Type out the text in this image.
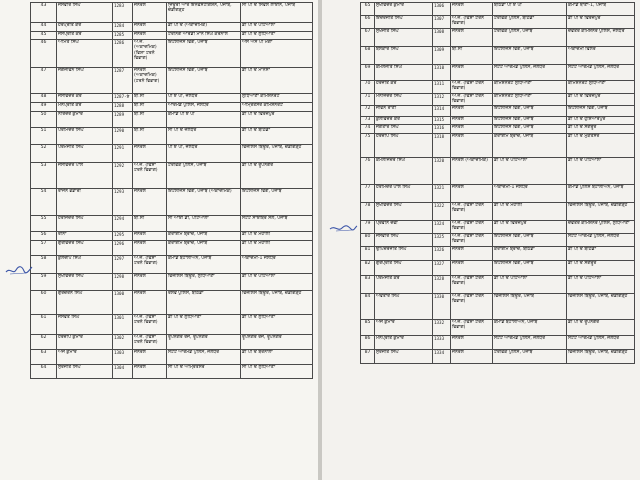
43	ਜਸਵੀਰ ਸਿੰਘ	1283	ਜਨਰਲ	ਜਿਊਰੀ ਆਰ ਇਨਵੈਸਟੀਗੇਸ਼ਨ, ਪੰਜਾਬ, ਚੰਡੀਗੜ੍ਹ	ਸੀ ਪੀ ਓ ਸਿਵਲ ਲਾਈਨ, ਪੰਜਾਬ
44	ਹਰਪ੍ਰੀਤ ਕੌਰ	1284	ਜਨਰਲ	ਡੀ ਪੀ ਓ (ਅਕਾਦਮਿਕ)	ਡੀ ਪੀ ਓ ਪਟਿਆਲਾ
45	ਜਸਪ੍ਰੀਤ ਕੌਰ	1285	ਜਨਰਲ	ਟਰੇਨਿੰਗ ਆਰਡੀ ਮਾਨ ਸਿੰਘ ਕਰਨਾਲ	ਡੀ ਪੀ ਓ ਲੁਧਿਆਣਾ
46	ਅਮਿਤ ਸਿੰਘ	1286	ਅ.ਜ. (ਅਕਾਦਮਿਕ) (ਵਿਸ਼ਾ ਟਰਨੇ ਵਿਭਾਗ)	ਇੰਟੈਲੀਜੈਂਸ ਵਿੰਗ, ਪੰਜਾਬ	ਐਸ ਐਸ ਪੀ ਮੋਗਾ
47	ਜਗਜੀਵਨ ਸਿੰਘ	1287	ਜਨਰਲ (ਅਕਾਦਮਿਕ) (ਟਰਨੇ ਵਿਭਾਗ)	ਇੰਟੈਲੀਜੈਂਸ ਵਿੰਗ, ਪੰਜਾਬ	ਡੀ ਪੀ ਓ ਮਾਨਸਾ
48	ਜਸਵਿੰਦਰ ਕੌਰ	1287-ਏ	ਬੀ.ਸੀ	ਪੀ ਏ ਪੀ, ਜਲੰਧਰ	ਲੁਧਿਆਣਾ ਕਮਿਸ਼ਨਰੇਟ
49	ਮਨਪ੍ਰੀਤ ਕੌਰ	1288	ਬੀ.ਸੀ	ਆਰਮਡ ਪੁਲਿਸ, ਜਲੰਧਰ	ਅਮ੍ਰਿਤਸਰ ਕਮਿਸ਼ਨਰੇਟ
50	ਨਰਿੰਦਰ ਕੁਮਾਰ	1289	ਬੀ.ਸੀ	ਕਮਾਂਡੋ ਪੀ ਏ ਪੀ	ਡੀ ਪੀ ਓ ਫਿਰੋਜ਼ਪੁਰ
51	ਪਰਮਿੰਦਰ ਸਿੰਘ	1290	ਬੀ.ਸੀ	ਸੀ ਪੀ ਓ ਜਲੰਧਰ	ਡੀ ਪੀ ਓ ਬਠਿੰਡਾ
52	ਪਰਮਜੀਤ ਸਿੰਘ	1291	ਜਨਰਲ	ਪੀ ਏ ਪੀ, ਜਲੰਧਰ	ਵਿਜੀਲੈਂਸ ਬਿਊਰੋ, ਪੰਜਾਬ, ਚੰਡੀਗੜ੍ਹ
53	ਜਸਵਿੰਦਰ ਪਾਲ	1292	ਅ.ਜ. (ਵਿਸ਼ਾ ਟਰਨੇ ਵਿਭਾਗ)	ਟਰੈਫਿਕ ਪੁਲਿਸ, ਪੰਜਾਬ	ਡੀ ਪੀ ਓ ਰੂਪਨਗਰ
54	ਰਾਜਨ ਭੰਡਾਰੀ	1293	ਜਨਰਲ	ਇੰਟੈਲੀਜੈਂਸ ਵਿੰਗ, ਪੰਜਾਬ (ਅਕਾਦਮਿਕ)	ਇੰਟੈਲੀਜੈਂਸ ਵਿੰਗ, ਪੰਜਾਬ
55	ਹਰਜਿੰਦਰ ਸਿੰਘ	1294	ਬੀ.ਸੀ	ਸੀ ਆਈ ਡੀ, ਪਟਿਆਲਾ	ਸਟੇਟ ਸਾਈਬਰ ਸੈੱਲ, ਪੰਜਾਬ
56	ਰੀਨਾ	1295	ਜਨਰਲ	ਕਰਾਈਮ ਬ੍ਰਾਂਚ, ਪੰਜਾਬ	ਡੀ ਪੀ ਓ ਮੋਹਾਲੀ
57	ਗੁਰਵਿੰਦਰ ਸਿੰਘ	1296	ਜਨਰਲ	ਕਰਾਈਮ ਬ੍ਰਾਂਚ, ਪੰਜਾਬ	ਡੀ ਪੀ ਓ ਮੋਹਾਲੀ
58	ਕੁਲਦੀਪ ਸਿੰਘ	1297	ਅ.ਜ. (ਵਿਸ਼ਾ ਟਰਨੇ ਵਿਭਾਗ)	ਕਮਾਂਡੋ ਬਟਾਲੀਅਨ, ਪੰਜਾਬ	ਅਕਾਦਮੀ-1 ਜਲੰਧਰ
59	ਸੁਖਵਿੰਦਰ ਸਿੰਘ	1298	ਜਨਰਲ	ਵਿਜੀਲੈਂਸ ਬਿਊਰੋ, ਲੁਧਿਆਣਾ	ਡੀ ਪੀ ਓ ਪਟਿਆਲਾ
60	ਗੁਰਚਰਨ ਸਿੰਘ	1300	ਜਨਰਲ	ਰੇਲਵੇ ਪੁਲਿਸ, ਬਠਿੰਡਾ	ਵਿਜੀਲੈਂਸ ਬਿਊਰੋ, ਪੰਜਾਬ, ਚੰਡੀਗੜ੍ਹ
61	ਜਸਵੰਤ ਸਿੰਘ	1301	ਅ.ਜ. (ਵਿਸ਼ਾ ਟਰਨੇ ਵਿਭਾਗ)	ਡੀ ਪੀ ਓ ਲੁਧਿਆਣਾ	ਡੀ ਪੀ ਓ ਲੁਧਿਆਣਾ
62	ਹਰਦੀਪ ਕੁਮਾਰ	1302	ਅ.ਜ. (ਵਿਸ਼ਾ ਟਰਨੇ ਵਿਭਾਗ)	ਰੂਪਨਗਰ ਰੇਂਜ, ਰੂਪਨਗਰ	ਰੂਪਨਗਰ ਰੇਂਜ, ਰੂਪਨਗਰ
63	ਅਜੇ ਕੁਮਾਰ	1303	ਜਨਰਲ	ਸਟੇਟ ਆਰਮਡ ਪੁਲਿਸ, ਜਲੰਧਰ	ਡੀ ਪੀ ਓ ਬਰਨਾਲਾ
64	ਸੁਰਜੀਤ ਸਿੰਘ	1304	ਜਨਰਲ	ਸੀ ਪੀ ਓ ਅੰਮ੍ਰਿਤਸਰ	ਸੀ ਪੀ ਓ ਲੁਧਿਆਣਾ
65	ਸੁਖਵਿੰਦਰ ਕੁਮਾਰ	1306	ਜਨਰਲ	ਬਠਿੰਡਾ ਪੀ ਏ ਪੀ	ਕਮਾਂਡੋ ਥਾਣਾ-1, ਪੰਜਾਬ
66	ਇੰਦਰਜੀਤ ਸਿੰਘ	1307	ਅ.ਜ. (ਵਿਸ਼ਾ ਟਰਨੇ ਵਿਭਾਗ)	ਟਰੈਫਿਕ ਪੁਲਿਸ, ਬਠਿੰਡਾ	ਡੀ ਪੀ ਓ ਫਿਰੋਜ਼ਪੁਰ
67	ਸੁਖਜੀਤ ਸਿੰਘ	1308	ਜਨਰਲ	ਟਰੈਫਿਕ ਪੁਲਿਸ, ਪੰਜਾਬ	ਦਫਤਰ ਕਮਿਸ਼ਨਰ ਪੁਲਿਸ, ਜਲੰਧਰ
68	ਬਲਕਾਰ ਸਿੰਘ	1309	ਬੀ.ਸੀ	ਇੰਟੈਲੀਜੈਂਸ ਵਿੰਗ, ਪੰਜਾਬ	ਅਕਾਦਮੀ ਫਿਲੌਰ
69	ਕਮਲਜੀਤ ਸਿੰਘ	1310	ਜਨਰਲ	ਸਟੇਟ ਆਰਮਡ ਪੁਲਿਸ, ਜਲੰਧਰ	ਸਟੇਟ ਆਰਮਡ ਪੁਲਿਸ, ਜਲੰਧਰ
70	ਹਰਜੀਤ ਕੌਰ	1311	ਅ.ਜ. (ਵਿਸ਼ਾ ਟਰਨੇ ਵਿਭਾਗ)	ਕਮਿਸ਼ਨਰੇਟ ਲੁਧਿਆਣਾ	ਕਮਿਸ਼ਨਰੇਟ ਲੁਧਿਆਣਾ
71	ਮਨਜਿੰਦਰ ਸਿੰਘ	1312	ਅ.ਜ. (ਵਿਸ਼ਾ ਟਰਨੇ ਵਿਭਾਗ)	ਕਮਿਸ਼ਨਰੇਟ ਲੁਧਿਆਣਾ	ਡੀ ਪੀ ਓ ਫਿਰੋਜ਼ਪੁਰ
72	ਜੀਵਨ ਰਾਣੀ	1314	ਜਨਰਲ	ਇੰਟੈਲੀਜੈਂਸ ਵਿੰਗ, ਪੰਜਾਬ	ਇੰਟੈਲੀਜੈਂਸ ਵਿੰਗ, ਪੰਜਾਬ
73	ਕੁਲਵਿੰਦਰ ਕੌਰ	1315	ਜਨਰਲ	ਇੰਟੈਲੀਜੈਂਸ ਵਿੰਗ, ਪੰਜਾਬ	ਡੀ ਪੀ ਓ ਹੁਸ਼ਿਆਰਪੁਰ
74	ਜਗਤਾਰ ਸਿੰਘ	1316	ਜਨਰਲ	ਇੰਟੈਲੀਜੈਂਸ ਵਿੰਗ, ਪੰਜਾਬ	ਡੀ ਪੀ ਓ ਸੰਗਰੂਰ
75	ਹਰਦੀਪ ਸਿੰਘ	1318	ਜਨਰਲ	ਕਰਾਈਮ ਬ੍ਰਾਂਚ, ਪੰਜਾਬ	ਡੀ ਪੀ ਓ ਮੁਕਤਸਰ
76	ਕਮਲਜਿੰਦਰ ਸਿੰਘ	1320	ਜਨਰਲ (ਅਕਾਦਮਿਕ)	ਡੀ ਪੀ ਓ ਪਟਿਆਲਾ	ਡੀ ਪੀ ਓ ਪਟਿਆਲਾ
77	ਹਰਮਿੰਦਰ ਪਾਲ ਸਿੰਘ	1321	ਜਨਰਲ	ਅਕਾਦਮੀ-1 ਜਲੰਧਰ	ਕਮਾਂਡੋ ਪੁਲਿਸ ਬਟਾਲੀਅਨ, ਪੰਜਾਬ
78	ਸੁਖਵਿੰਦਰ ਸਿੰਘ	1322	ਅ.ਜ. (ਵਿਸ਼ਾ ਟਰਨੇ ਵਿਭਾਗ)	ਡੀ ਪੀ ਓ ਮੋਹਾਲੀ	ਵਿਜੀਲੈਂਸ ਬਿਊਰੋ, ਪੰਜਾਬ, ਚੰਡੀਗੜ੍ਹ
79	ਪ੍ਰਵੀਨ ਦੇਵੀ	1324	ਅ.ਜ. (ਵਿਸ਼ਾ ਟਰਨੇ ਵਿਭਾਗ)	ਡੀ ਪੀ ਓ ਫਿਰੋਜ਼ਪੁਰ	ਦਫਤਰ ਕਮਿਸ਼ਨਰ ਪੁਲਿਸ, ਲੁਧਿਆਣਾ
80	ਜਸਵੀਰ ਸਿੰਘ	1325	ਅ.ਜ. (ਵਿਸ਼ਾ ਟਰਨੇ ਵਿਭਾਗ)	ਇੰਟੈਲੀਜੈਂਸ ਵਿੰਗ, ਪੰਜਾਬ	ਸਟੇਟ ਆਰਮਡ ਪੁਲਿਸ, ਜਲੰਧਰ
81	ਉਪਿੰਦਰਜੀਤ ਸਿੰਘ	1326	ਜਨਰਲ	ਕਰਾਈਮ ਬ੍ਰਾਂਚ, ਬਠਿੰਡਾ	ਡੀ ਪੀ ਓ ਬਠਿੰਡਾ
82	ਗੁਰਪ੍ਰੀਤ ਸਿੰਘ	1327	ਜਨਰਲ	ਇੰਟੈਲੀਜੈਂਸ ਵਿੰਗ, ਪੰਜਾਬ	ਡੀ ਪੀ ਓ ਸੰਗਰੂਰ
83	ਪਰਮਜੀਤ ਕੌਰ	1328	ਅ.ਜ. (ਵਿਸ਼ਾ ਟਰਨੇ ਵਿਭਾਗ)	ਡੀ ਪੀ ਓ ਪਟਿਆਲਾ	ਡੀ ਪੀ ਓ ਪਟਿਆਲਾ
84	ਅਵਤਾਰ ਸਿੰਘ	1330	ਅ.ਜ. (ਵਿਸ਼ਾ ਟਰਨੇ ਵਿਭਾਗ)	ਵਿਜੀਲੈਂਸ ਬਿਊਰੋ, ਪੰਜਾਬ	ਵਿਜੀਲੈਂਸ ਬਿਊਰੋ, ਪੰਜਾਬ, ਚੰਡੀਗੜ੍ਹ
85	ਅਜੇ ਕੁਮਾਰ	1332	ਅ.ਜ. (ਵਿਸ਼ਾ ਟਰਨੇ ਵਿਭਾਗ)	ਕਮਾਂਡੋ ਬਟਾਲੀਅਨ, ਪੰਜਾਬ	ਡੀ ਪੀ ਓ ਰੂਪਨਗਰ
86	ਮਨਪ੍ਰੀਤ ਕੁਮਾਰ	1333	ਜਨਰਲ	ਸਟੇਟ ਆਰਮਡ ਪੁਲਿਸ, ਜਲੰਧਰ	ਸਟੇਟ ਆਰਮਡ ਪੁਲਿਸ, ਜਲੰਧਰ
87	ਸੁਰਜੀਤ ਸਿੰਘ	1334	ਜਨਰਲ	ਟਰੈਫਿਕ ਪੁਲਿਸ, ਪੰਜਾਬ	ਵਿਜੀਲੈਂਸ ਬਿਊਰੋ, ਪੰਜਾਬ, ਚੰਡੀਗੜ੍ਹ
